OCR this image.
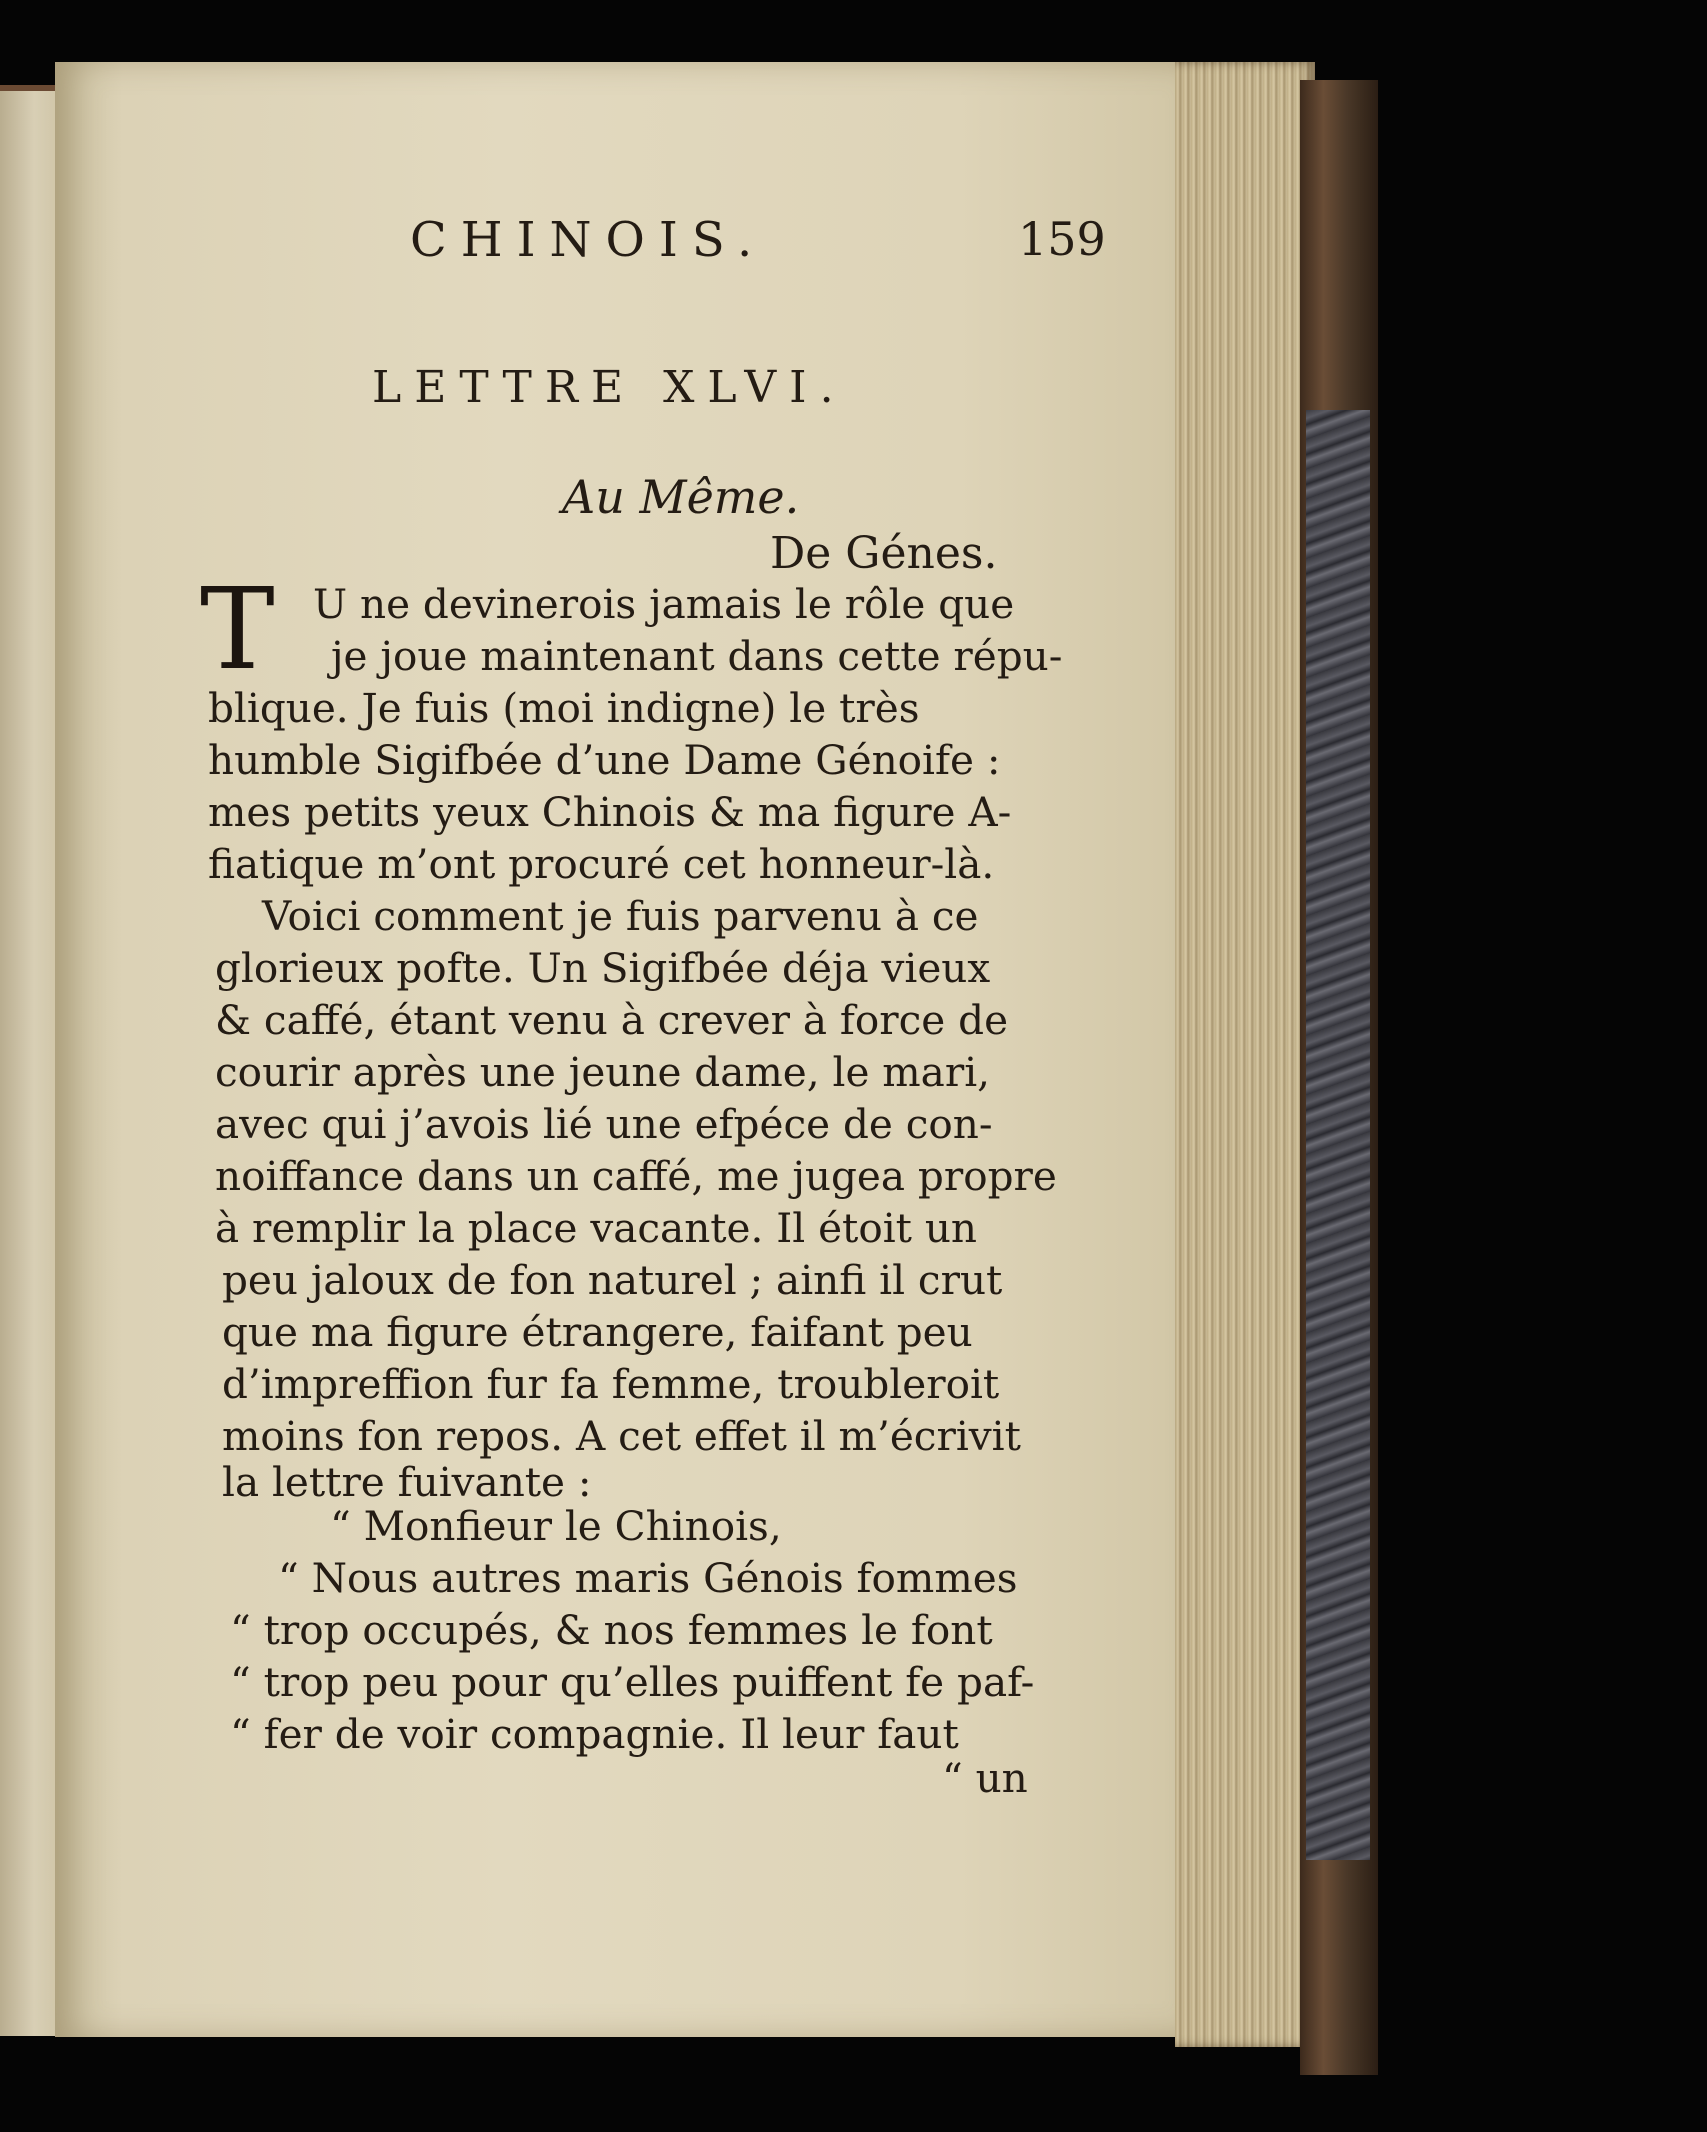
CHINOIS.	159
LETTRE XLVI.
Au Même.
De Génes.
T U ne devinerois jamais le rôle que
je joue maintenant dans cette répu-
blique. Je fuis (moi indigne) le très
humble Sigifbée d’une Dame Génoife :
mes petits yeux Chinois & ma figure A-
fiatique m’ont procuré cet honneur-là.
Voici comment je fuis parvenu à ce
glorieux pofte. Un Sigifbée déja vieux
& caffé, étant venu à crever à force de
courir après une jeune dame, le mari,
avec qui j’avois lié une efpéce de con-
noiffance dans un caffé, me jugea propre
à remplir la place vacante. Il étoit un
peu jaloux de fon naturel ; ainfi il crut
que ma figure étrangere, faifant peu
d’impreffion fur fa femme, troubleroit
moins fon repos. A cet effet il m’écrivit
la lettre fuivante :
“ Monfieur le Chinois,
“ Nous autres maris Génois fommes
“ trop occupés, & nos femmes le font
“ trop peu pour qu’elles puiffent fe paf-
“ fer de voir compagnie. Il leur faut
“ un
